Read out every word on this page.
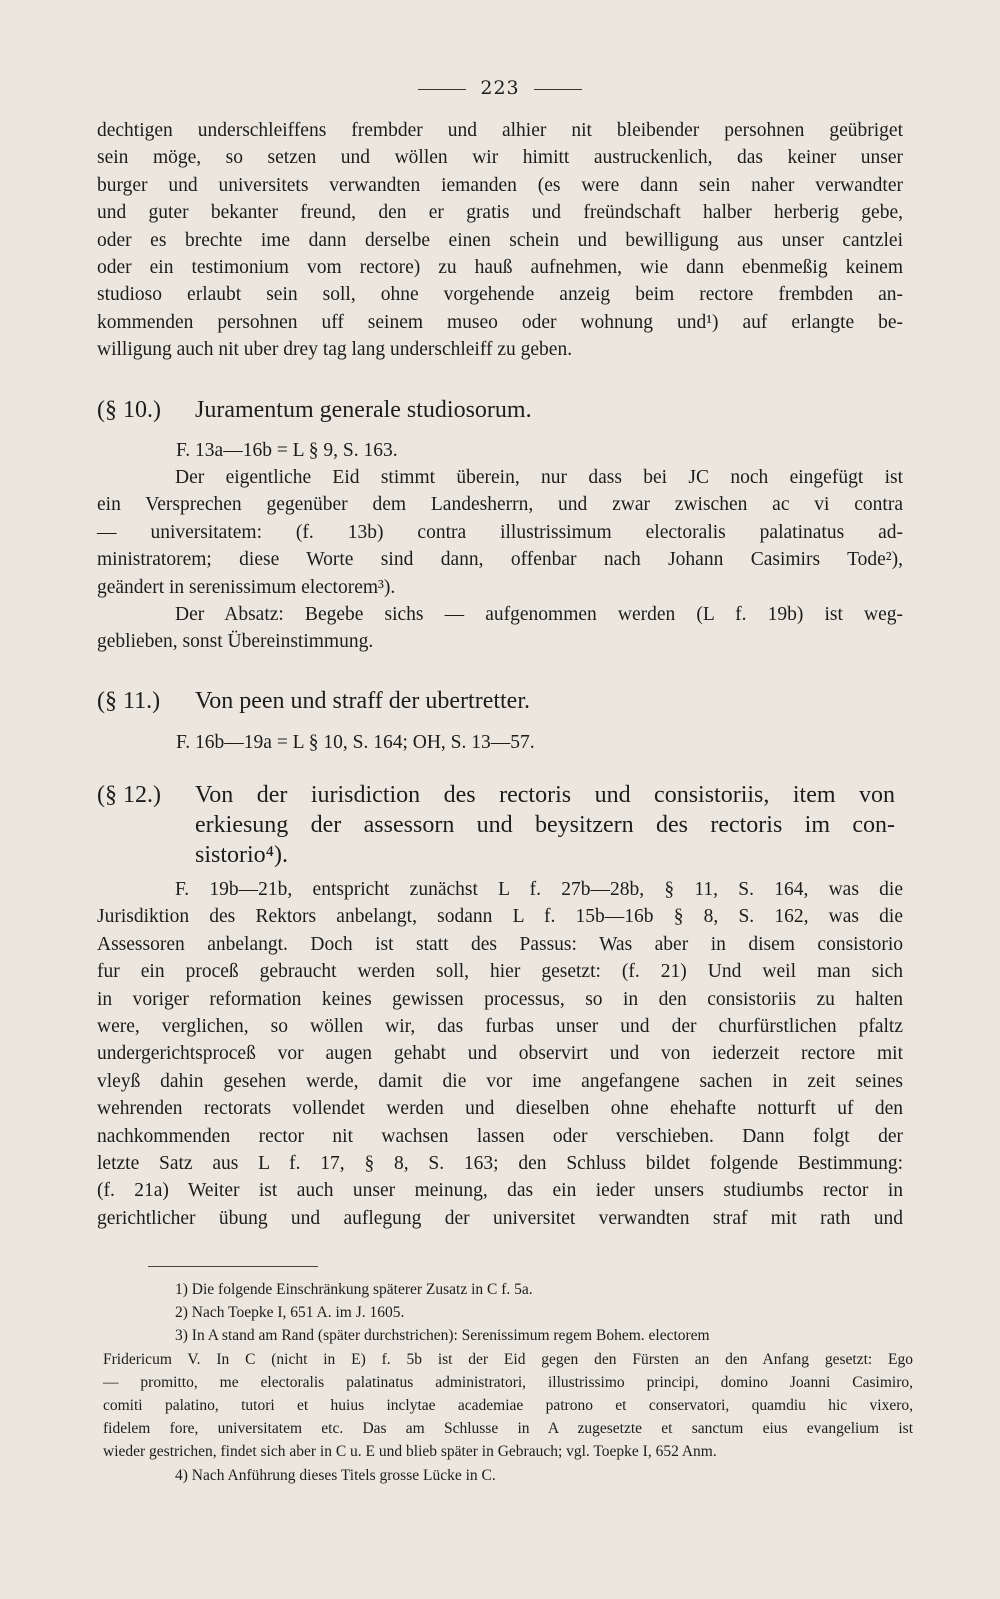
223
dechtigen underschleiffens frembder und alhier nit bleibender persohnen geübriget
sein möge, so setzen und wöllen wir himitt austruckenlich, das keiner unser
burger und universitets verwandten iemanden (es were dann sein naher verwandter
und guter bekanter freund, den er gratis und freündschaft halber herberig gebe,
oder es brechte ime dann derselbe einen schein und bewilligung aus unser cantzlei
oder ein testimonium vom rectore) zu hauß aufnehmen, wie dann ebenmeßig keinem
studioso erlaubt sein soll, ohne vorgehende anzeig beim rectore frembden an-
kommenden persohnen uff seinem museo oder wohnung und¹) auf erlangte be-
willigung auch nit uber drey tag lang underschleiff zu geben.
(§ 10.) Juramentum generale studiosorum.
F. 13a—16b = L § 9, S. 163.
Der eigentliche Eid stimmt überein, nur dass bei JC noch eingefügt ist
ein Versprechen gegenüber dem Landesherrn, und zwar zwischen ac vi contra
— universitatem: (f. 13b) contra illustrissimum electoralis palatinatus ad-
ministratorem; diese Worte sind dann, offenbar nach Johann Casimirs Tode²),
geändert in serenissimum electorem³).
Der Absatz: Begebe sichs — aufgenommen werden (L f. 19b) ist weg-
geblieben, sonst Übereinstimmung.
(§ 11.) Von peen und straff der ubertretter.
F. 16b—19a = L § 10, S. 164; OH, S. 13—57.
(§ 12.) Von der iurisdiction des rectoris und consistoriis, item von
erkiesung der assessorn und beysitzern des rectoris im con-
sistorio⁴).
F. 19b—21b, entspricht zunächst L f. 27b—28b, § 11, S. 164, was die
Jurisdiktion des Rektors anbelangt, sodann L f. 15b—16b § 8, S. 162, was die
Assessoren anbelangt. Doch ist statt des Passus: Was aber in disem consistorio
fur ein proceß gebraucht werden soll, hier gesetzt: (f. 21) Und weil man sich
in voriger reformation keines gewissen processus, so in den consistoriis zu halten
were, verglichen, so wöllen wir, das furbas unser und der churfürstlichen pfaltz
undergerichtsproceß vor augen gehabt und observirt und von iederzeit rectore mit
vleyß dahin gesehen werde, damit die vor ime angefangene sachen in zeit seines
wehrenden rectorats vollendet werden und dieselben ohne ehehafte notturft uf den
nachkommenden rector nit wachsen lassen oder verschieben. Dann folgt der
letzte Satz aus L f. 17, § 8, S. 163; den Schluss bildet folgende Bestimmung:
(f. 21a) Weiter ist auch unser meinung, das ein ieder unsers studiumbs rector in
gerichtlicher übung und auflegung der universitet verwandten straf mit rath und

1) Die folgende Einschränkung späterer Zusatz in C f. 5a.

2) Nach Toepke I, 651 A. im J. 1605.

3) In A stand am Rand (später durchstrichen): Serenissimum regem Bohem. electorem

Fridericum V. In C (nicht in E) f. 5b ist der Eid gegen den Fürsten an den Anfang gesetzt: Ego

— promitto, me electoralis palatinatus administratori, illustrissimo principi, domino Joanni Casimiro,

comiti palatino, tutori et huius inclytae academiae patrono et conservatori, quamdiu hic vixero,

fidelem fore, universitatem etc. Das am Schlusse in A zugesetzte et sanctum eius evangelium ist

wieder gestrichen, findet sich aber in C u. E und blieb später in Gebrauch; vgl. Toepke I, 652 Anm.

4) Nach Anführung dieses Titels grosse Lücke in C.
